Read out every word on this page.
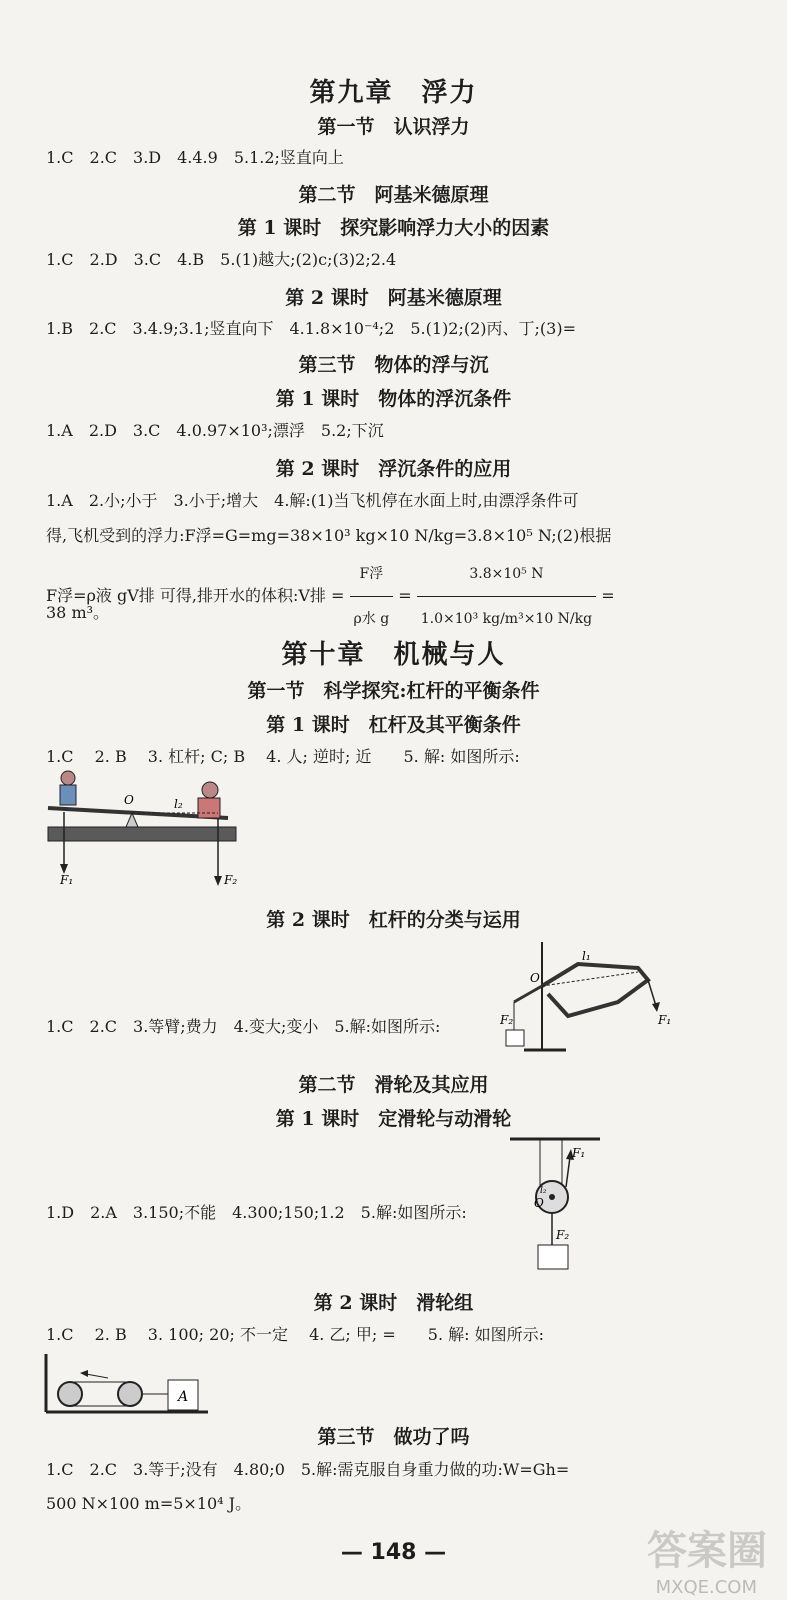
第九章　浮力
第一节　认识浮力
1.C　2.C　3.D　4.4.9　5.1.2;竖直向上
第二节　阿基米德原理
第 1 课时　探究影响浮力大小的因素
1.C　2.D　3.C　4.B　5.(1)越大;(2)c;(3)2;2.4
第 2 课时　阿基米德原理
1.B　2.C　3.4.9;3.1;竖直向下　4.1.8×10⁻⁴;2　5.(1)2;(2)丙、丁;(3)=
第三节　物体的浮与沉
第 1 课时　物体的浮沉条件
1.A　2.D　3.C　4.0.97×10³;漂浮　5.2;下沉
第 2 课时　浮沉条件的应用
1.A　2.小;小于　3.小于;增大　4.解:(1)当飞机停在水面上时,由漂浮条件可
得,飞机受到的浮力:F浮=G=mg=38×10³ kg×10 N/kg=3.8×10⁵ N;(2)根据
F浮=ρ液 gV排 可得,排开水的体积:V排 = $\frac{\text{F浮}}{\text{ρ水 g}} = \frac{\text{3.8×10⁵ N}}{\text{1.0×10³ kg/m³×10 N/kg}}$ =
38 m³。
第十章　机械与人
第一节　科学探究:杠杆的平衡条件
第 1 课时　杠杆及其平衡条件
1.C　 2. B　 3. 杠杆; C; B　 4. 人; 逆时; 近　　5. 解: 如图所示:
O	l₂
F₁	F₂
第 2 课时　杠杆的分类与运用
O
l₁
F₁
F₂
1.C　2.C　3.等臂;费力　4.变大;变小　5.解:如图所示:
第二节　滑轮及其应用
第 1 课时　定滑轮与动滑轮
O
l₂
F₁
F₂
1.D　2.A　3.150;不能　4.300;150;1.2　5.解:如图所示:
第 2 课时　滑轮组
1.C　 2. B　 3. 100; 20; 不一定　 4. 乙; 甲; =　　5. 解: 如图所示:
A
第三节　做功了吗
1.C　2.C　3.等于;没有　4.80;0　5.解:需克服自身重力做的功:W=Gh=
500 N×100 m=5×10⁴ J。
— 148 —	答案圈
MXQE.COM
